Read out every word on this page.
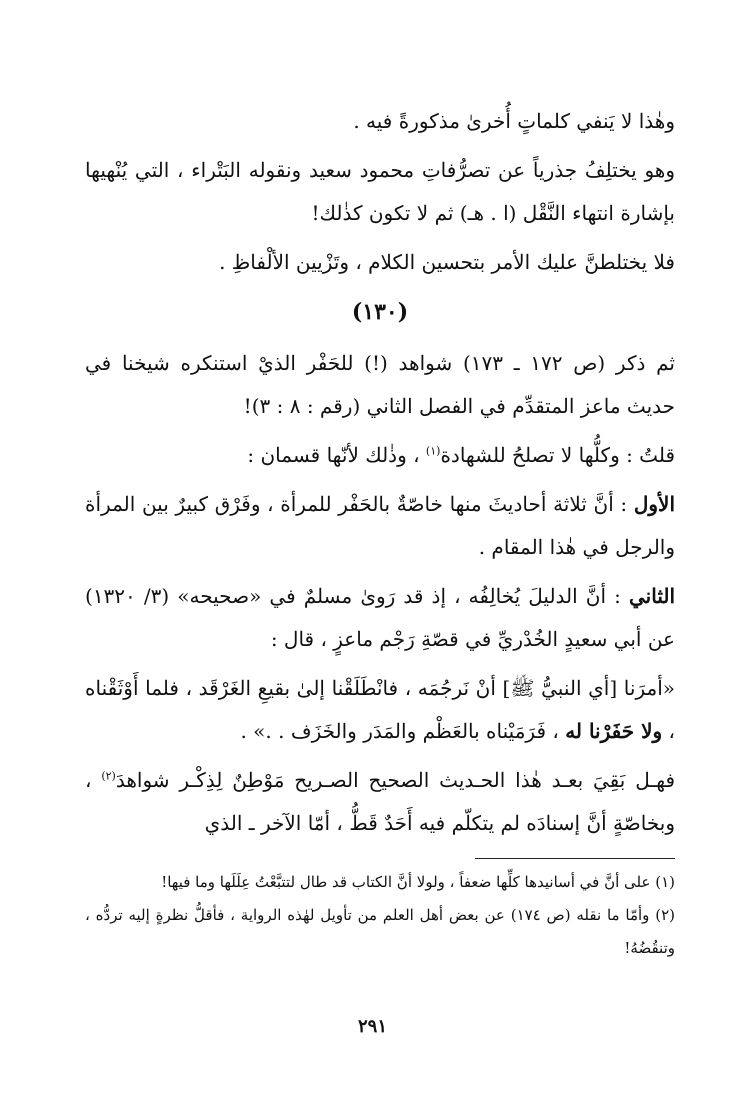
وهٰذا لا يَنفي كلماتٍ أُخرىٰ مذكورةً فيه .

وهو يختلِفُ جذرياً عن تصرُّفاتِ محمود سعيد ونقوله البَتْراء ، التي يُنْهيها بإشارة انتهاء النَّقْل (ا . هـ) ثم لا تكون كذٰلك!

فلا يختلطنَّ عليك الأمر بتحسين الكلام ، وتَزْيين الألْفاظِ .

(١٣٠)

ثم ذكر (ص ١٧٢ ـ ١٧٣) شواهد (!) للحَفْر الذيْ استنكره شيخنا في حديث ماعز المتقدِّم في الفصل الثاني (رقم : ٨ : ٣)!

قلتُ : وكلُّها لا تصلحُ للشهادة$^{(١)}$ ، وذٰلك لأنّها قسمان :

الأول : أنَّ ثلاثة أحاديثَ منها خاصّةٌ بالحَفْر للمرأة ، وفَرْق كبيرٌ بين المرأة والرجل في هٰذا المقام .

الثاني : أنَّ الدليلَ يُخالِفُه ، إذ قد رَوىٰ مسلمٌ في «صحيحه» (٣/ ١٣٢٠) عن أبي سعيدٍ الخُدْريِّ في قصّةِ رَجْم ماعزٍ ، قال :

«أمرَنا [أي النبيُّ ﷺ] أنْ نَرجُمَه ، فانْطَلَقْنا إلىٰ بقيعِ الغَرْقَد ، فلما أَوْثَقْناه ، ولا حَفَرْنا له ، فَرَمَيْناه بالعَظْم والمَدَر والخَزَف . .» .

فهـل بَقِيَ بعـد هٰذا الحـديث الصحيح الصـريح مَوْطِنٌ لِذِكْـر شواهدَ$^{(٢)}$ ، وبخاصّةٍ أنَّ إسنادَه لم يتكلّم فيه أَحَدٌ قَطُّ ، أمّا الآخر ـ الذي

(١) على أنَّ في أسانيدها كلِّها ضعفاً ، ولولا أنَّ الكتاب قد طال لتتبَّعْتُ عِلَلَها وما فيها!

(٢) وأمّا ما نقله (ص ١٧٤) عن بعض أهل العلم من تأويل لهٰذه الرواية ، فأقلُّ نظرةٍ إليه تردُّه ، وتنقُضُهُ!

٢٩١
